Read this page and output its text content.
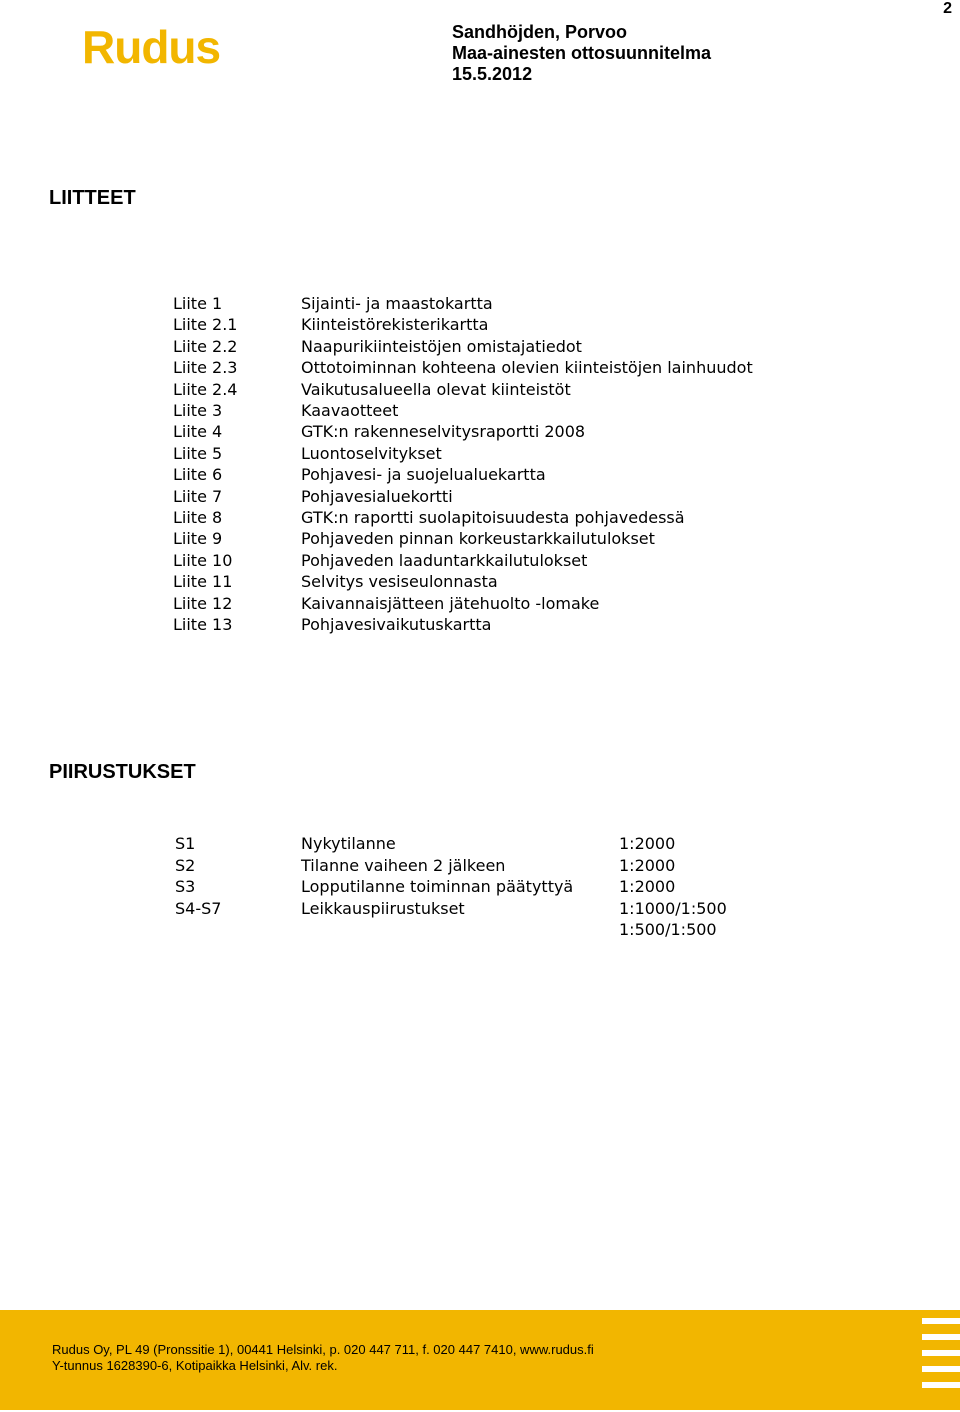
2
Rudus	Sandhöjden, Porvoo
Maa-ainesten ottosuunnitelma
15.5.2012
LIITTEET
Liite 1	Sijainti- ja maastokartta
Liite 2.1	Kiinteistörekisterikartta
Liite 2.2	Naapurikiinteistöjen omistajatiedot
Liite 2.3	Ottotoiminnan kohteena olevien kiinteistöjen lainhuudot
Liite 2.4	Vaikutusalueella olevat kiinteistöt
Liite 3	Kaavaotteet
Liite 4	GTK:n rakenneselvitysraportti 2008
Liite 5	Luontoselvitykset
Liite 6	Pohjavesi- ja suojelualuekartta
Liite 7	Pohjavesialuekortti
Liite 8	GTK:n raportti suolapitoisuudesta pohjavedessä
Liite 9	Pohjaveden pinnan korkeustarkkailutulokset
Liite 10	Pohjaveden laaduntarkkailutulokset
Liite 11	Selvitys vesiseulonnasta
Liite 12	Kaivannaisjätteen jätehuolto -lomake
Liite 13	Pohjavesivaikutuskartta
PIIRUSTUKSET
S1	Nykytilanne	1:2000
S2	Tilanne vaiheen 2 jälkeen	1:2000
S3	Lopputilanne toiminnan päätyttyä	1:2000
S4-S7	Leikkauspiirustukset	1:1000/1:500
1:500/1:500
Rudus Oy, PL 49 (Pronssitie 1), 00441 Helsinki, p. 020 447 711, f. 020 447 7410, www.rudus.fi
Y-tunnus 1628390-6, Kotipaikka Helsinki, Alv. rek.
